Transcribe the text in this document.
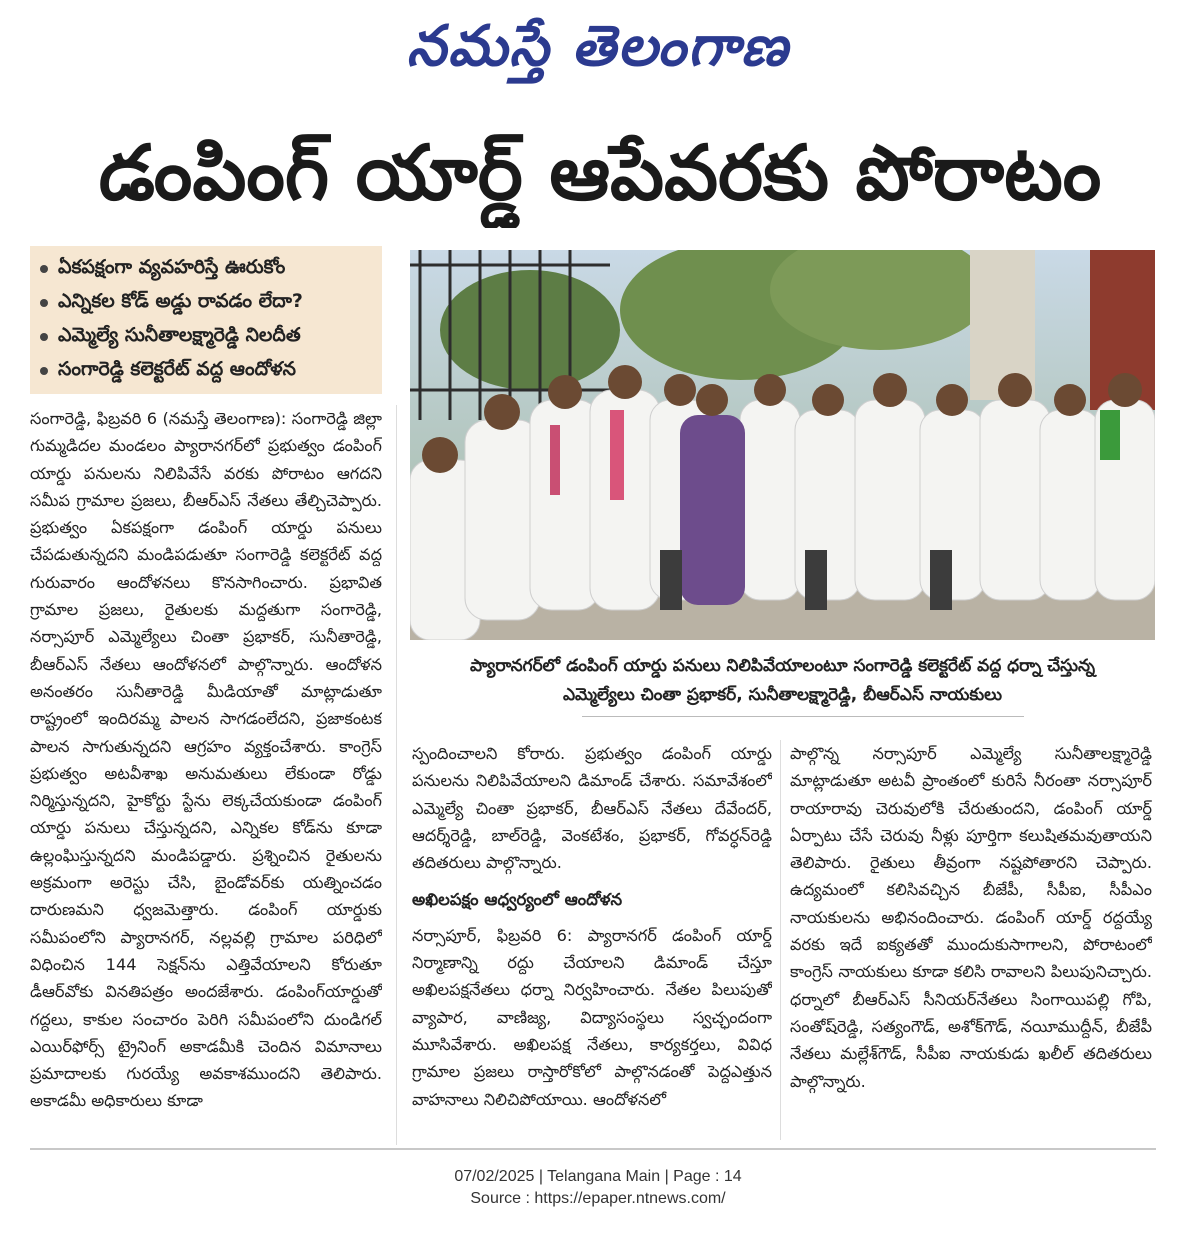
నమస్తే తెలంగాణ
డంపింగ్ యార్డ్ ఆపేవరకు పోరాటం
ఏకపక్షంగా వ్యవహరిస్తే ఊరుకోం
ఎన్నికల కోడ్ అడ్డు రావడం లేదా?
ఎమ్మెల్యే సునీతాలక్ష్మారెడ్డి నిలదీత
సంగారెడ్డి కలెక్టరేట్ వద్ద ఆందోళన
ప్యారానగర్‌లో డంపింగ్ యార్డు పనులు నిలిపివేయాలంటూ సంగారెడ్డి కలెక్టరేట్ వద్ద ధర్నా చేస్తున్న
ఎమ్మెల్యేలు చింతా ప్రభాకర్, సునీతాలక్ష్మారెడ్డి, బీఆర్‌ఎస్ నాయకులు
సంగారెడ్డి, ఫిబ్రవరి 6 (నమస్తే తెలంగాణ): సంగారెడ్డి జిల్లా గుమ్మడిదల మండలం ప్యారానగర్‌లో ప్రభుత్వం డంపింగ్ యార్డు పనులను నిలిపివేసే వరకు పోరాటం ఆగదని సమీప గ్రామాల ప్రజలు, బీఆర్‌ఎస్ నేతలు తేల్చిచెప్పారు. ప్రభుత్వం ఏకపక్షంగా డంపింగ్ యార్డు పనులు చేపడుతున్నదని మండిపడుతూ సంగారెడ్డి కలెక్టరేట్ వద్ద గురువారం ఆందోళనలు కొనసాగించారు. ప్రభావిత గ్రామాల ప్రజలు, రైతులకు మద్దతుగా సంగారెడ్డి, నర్సాపూర్ ఎమ్మెల్యేలు చింతా ప్రభాకర్, సునీతారెడ్డి, బీఆర్‌ఎస్ నేతలు ఆందోళనలో పాల్గొన్నారు. ఆందోళన అనంతరం సునీతారెడ్డి మీడియాతో మాట్లాడుతూ రాష్ట్రంలో ఇందిరమ్మ పాలన సాగడంలేదని, ప్రజాకంటక పాలన సాగుతున్నదని ఆగ్రహం వ్యక్తంచేశారు. కాంగ్రెస్ ప్రభుత్వం అటవీశాఖ అనుమతులు లేకుండా రోడ్డు నిర్మిస్తున్నదని, హైకోర్టు స్టేను లెక్కచేయకుండా డంపింగ్ యార్డు పనులు చేస్తున్నదని, ఎన్నికల కోడ్‌ను కూడా ఉల్లంఘిస్తున్నదని మండిపడ్డారు. ప్రశ్నించిన రైతులను అక్రమంగా అరెస్టు చేసి, బైండోవర్‌కు యత్నించడం దారుణమని ధ్వజమెత్తారు. డంపింగ్ యార్డుకు సమీపంలోని ప్యారానగర్, నల్లవల్లి గ్రామాల పరిధిలో విధించిన 144 సెక్షన్‌ను ఎత్తివేయాలని కోరుతూ డీఆర్‌వోకు వినతిపత్రం అందజేశారు. డంపింగ్‌యార్డుతో గద్దలు, కాకుల సంచారం పెరిగి సమీపంలోని దుండిగల్ ఎయిర్‌ఫోర్స్ ట్రైనింగ్ అకాడమీకి చెందిన విమానాలు ప్రమాదాలకు గురయ్యే అవకాశముందని తెలిపారు. అకాడమీ అధికారులు కూడా
స్పందించాలని కోరారు. ప్రభుత్వం డంపింగ్ యార్డు పనులను నిలిపివేయాలని డిమాండ్ చేశారు. సమావేశంలో ఎమ్మెల్యే చింతా ప్రభాకర్, బీఆర్‌ఎస్ నేతలు దేవేందర్, ఆదర్శ్‌రెడ్డి, బాల్‌రెడ్డి, వెంకటేశం, ప్రభాకర్, గోవర్ధన్‌రెడ్డి తదితరులు పాల్గొన్నారు.
అఖిలపక్షం ఆధ్వర్యంలో ఆందోళన
నర్సాపూర్, ఫిబ్రవరి 6: ప్యారానగర్ డంపింగ్ యార్డ్ నిర్మాణాన్ని రద్దు చేయాలని డిమాండ్ చేస్తూ అఖిలపక్షనేతలు ధర్నా నిర్వహించారు. నేతల పిలుపుతో వ్యాపార, వాణిజ్య, విద్యాసంస్థలు స్వచ్ఛందంగా మూసివేశారు. అఖిలపక్ష నేతలు, కార్యకర్తలు, వివిధ గ్రామాల ప్రజలు రాస్తారోకోలో పాల్గొనడంతో పెద్దఎత్తున వాహనాలు నిలిచిపోయాయి. ఆందోళనలో
పాల్గొన్న నర్సాపూర్ ఎమ్మెల్యే సునీతాలక్ష్మారెడ్డి మాట్లాడుతూ అటవీ ప్రాంతంలో కురిసే నీరంతా నర్సాపూర్ రాయారావు చెరువులోకి చేరుతుందని, డంపింగ్ యార్డ్ ఏర్పాటు చేసే చెరువు నీళ్లు పూర్తిగా కలుషితమవుతాయని తెలిపారు. రైతులు తీవ్రంగా నష్టపోతారని చెప్పారు. ఉద్యమంలో కలిసివచ్చిన బీజేపీ, సీపీఐ, సీపీఎం నాయకులను అభినందించారు. డంపింగ్ యార్డ్ రద్దయ్యే వరకు ఇదే ఐక్యతతో ముందుకుసాగాలని, పోరాటంలో కాంగ్రెస్ నాయకులు కూడా కలిసి రావాలని పిలుపునిచ్చారు. ధర్నాలో బీఆర్‌ఎస్ సీనియర్‌నేతలు సింగాయిపల్లి గోపి, సంతోష్‌రెడ్డి, సత్యంగౌడ్, అశోక్‌గౌడ్, నయీముద్దీన్, బీజేపీ నేతలు మల్లేశ్‌గౌడ్, సీపీఐ నాయకుడు ఖలీల్ తదితరులు పాల్గొన్నారు.
07/02/2025 | Telangana Main | Page : 14
Source : https://epaper.ntnews.com/
